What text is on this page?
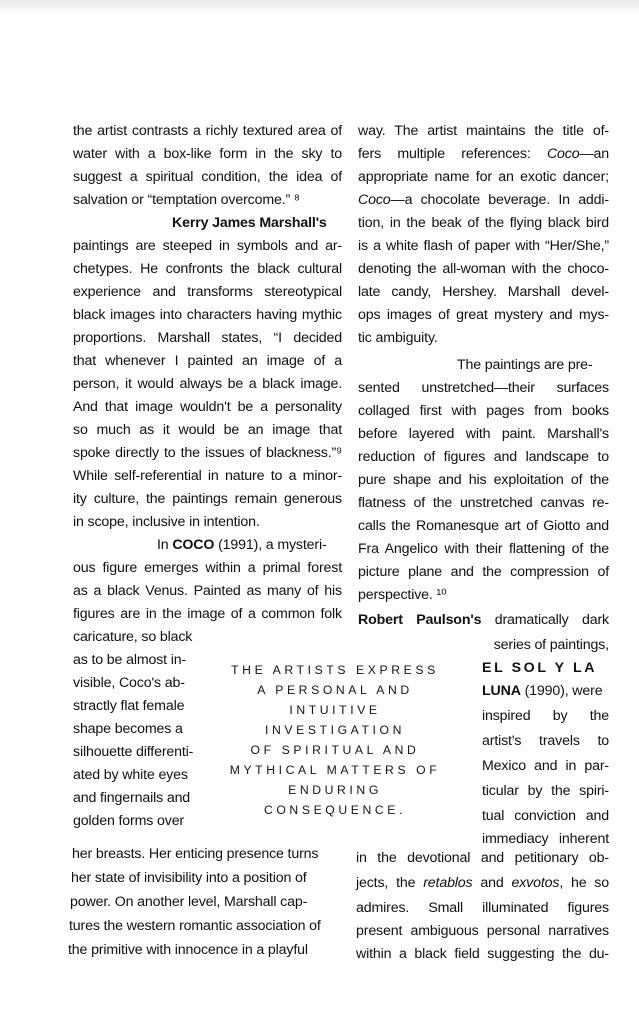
the artist contrasts a richly textured area of
water with a box-like form in the sky to
suggest a spiritual condition, the idea of
salvation or “temptation overcome.” ⁸
Kerry James Marshall's
paintings are steeped in symbols and ar-
chetypes. He confronts the black cultural
experience and transforms stereotypical
black images into characters having mythic
proportions. Marshall states, “I decided
that whenever I painted an image of a
person, it would always be a black image.
And that image wouldn't be a personality
so much as it would be an image that
spoke directly to the issues of blackness.”⁹
While self-referential in nature to a minor-
ity culture, the paintings remain generous
in scope, inclusive in intention.
In COCO (1991), a mysteri-
ous figure emerges within a primal forest
as a black Venus. Painted as many of his
figures are in the image of a common folk
caricature, so black
as to be almost in-
visible, Coco's ab-
stractly flat female
shape becomes a
silhouette differenti-
ated by white eyes
and fingernails and
golden forms over
her breasts. Her enticing presence turns
her state of invisibility into a position of
power. On another level, Marshall cap-
tures the western romantic association of
the primitive with innocence in a playful
THE ARTISTS EXPRESS
A PERSONAL AND
INTUITIVE
INVESTIGATION
OF SPIRITUAL AND
MYTHICAL MATTERS OF
ENDURING
CONSEQUENCE.
way. The artist maintains the title of-
fers multiple references: Coco—an
appropriate name for an exotic dancer;
Coco—a chocolate beverage. In addi-
tion, in the beak of the flying black bird
is a white flash of paper with “Her/She,”
denoting the all-woman with the choco-
late candy, Hershey. Marshall devel-
ops images of great mystery and mys-
tic ambiguity.
The paintings are pre-
sented unstretched—their surfaces
collaged first with pages from books
before layered with paint. Marshall's
reduction of figures and landscape to
pure shape and his exploitation of the
flatness of the unstretched canvas re-
calls the Romanesque art of Giotto and
Fra Angelico with their flattening of the
picture plane and the compression of
perspective. ¹⁰
Robert Paulson's dramatically dark
series of paintings,
EL SOL Y LA
LUNA (1990), were
inspired by the
artist's travels to
Mexico and in par-
ticular by the spiri-
tual conviction and
immediacy inherent
in the devotional and petitionary ob-
jects, the retablos and exvotos, he so
admires. Small illuminated figures
present ambiguous personal narratives
within a black field suggesting the du-
